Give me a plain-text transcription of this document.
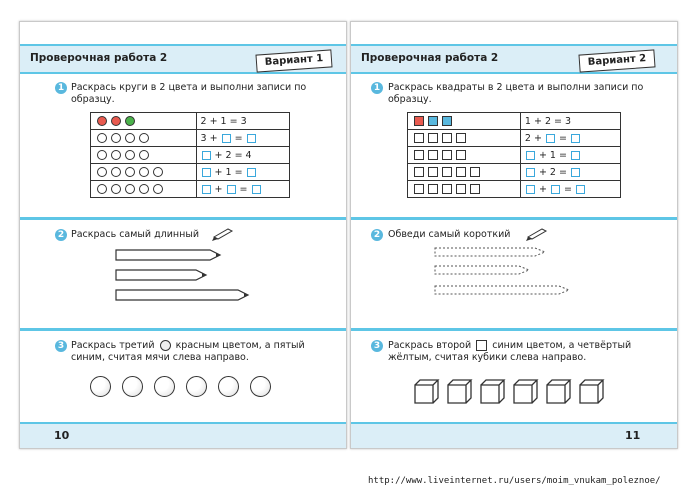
Проверочная работа 2	Вариант 1
1 Раскрась круги в 2 цвета и выполни записи по образцу.
	2 + 1 = 3
	3 +  =
	+ 2 = 4
	+ 1 =
	+  =
2 Раскрась самый длинный
3 Раскрась третий красным цветом, а пятый синим, считая мячи слева направо.
10
Проверочная работа 2	Вариант 2
1 Раскрась квадраты в 2 цвета и выполни записи по образцу.
	1 + 2 = 3
	2 +  =
	+ 1 =
	+ 2 =
	+  =
2 Обведи самый короткий
3 Раскрась второй синим цветом, а четвёртый жёлтым, считая кубики слева направо.
11
http://www.liveinternet.ru/users/moim_vnukam_poleznoe/
